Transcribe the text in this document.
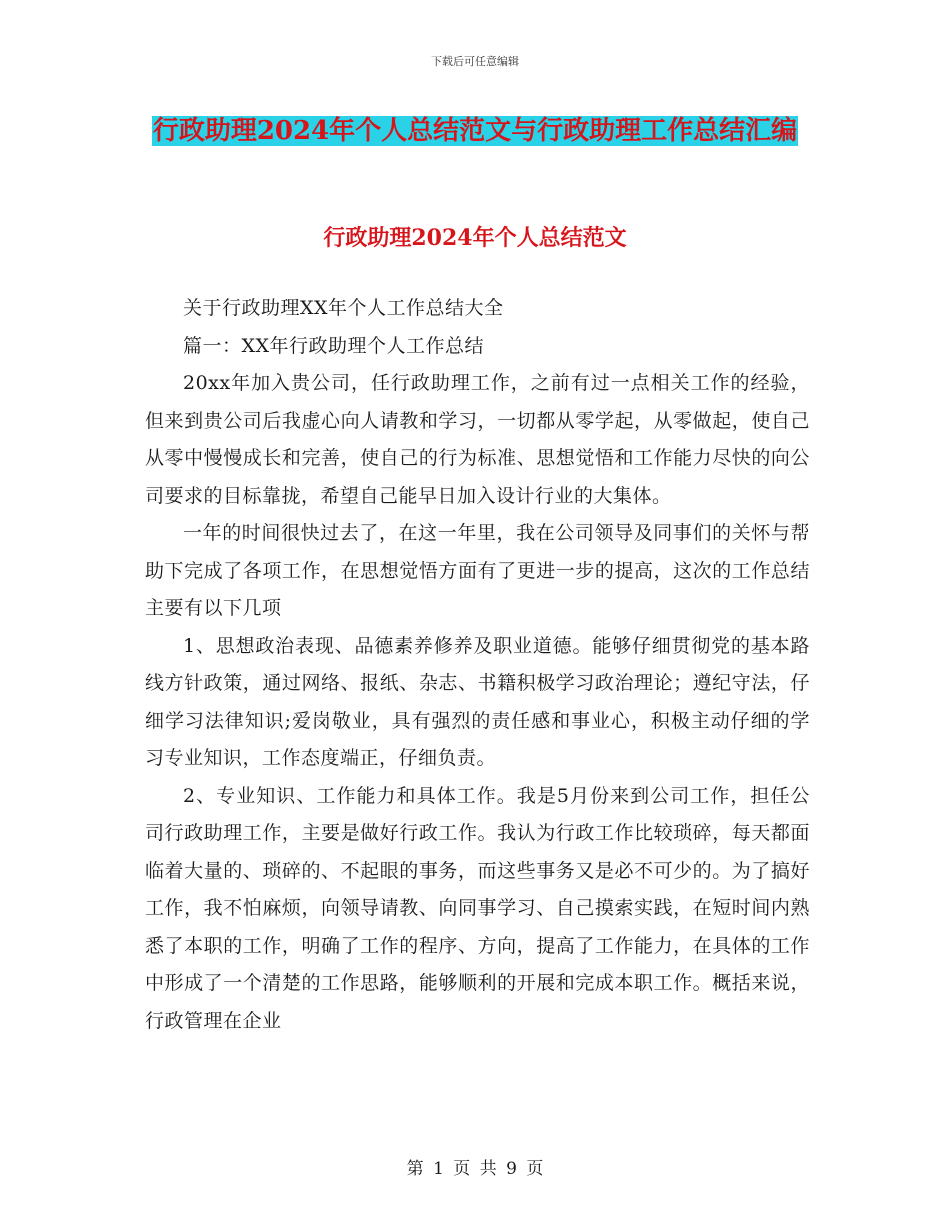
下载后可任意编辑
行政助理2024年个人总结范文与行政助理工作总结汇编
行政助理2024年个人总结范文

关于行政助理XX年个人工作总结大全

篇一：XX年行政助理个人工作总结

20xx年加入贵公司，任行政助理工作，之前有过一点相关工作的经验，但来到贵公司后我虚心向人请教和学习，一切都从零学起，从零做起，使自己从零中慢慢成长和完善，使自己的行为标准、思想觉悟和工作能力尽快的向公司要求的目标靠拢，希望自己能早日加入设计行业的大集体。

一年的时间很快过去了，在这一年里，我在公司领导及同事们的关怀与帮助下完成了各项工作，在思想觉悟方面有了更进一步的提高，这次的工作总结主要有以下几项

1、思想政治表现、品德素养修养及职业道德。能够仔细贯彻党的基本路线方针政策，通过网络、报纸、杂志、书籍积极学习政治理论；遵纪守法，仔细学习法律知识;爱岗敬业，具有强烈的责任感和事业心，积极主动仔细的学习专业知识，工作态度端正，仔细负责。

2、专业知识、工作能力和具体工作。我是5月份来到公司工作，担任公司行政助理工作，主要是做好行政工作。我认为行政工作比较琐碎，每天都面临着大量的、琐碎的、不起眼的事务，而这些事务又是必不可少的。为了搞好工作，我不怕麻烦，向领导请教、向同事学习、自己摸索实践，在短时间内熟悉了本职的工作，明确了工作的程序、方向，提高了工作能力，在具体的工作中形成了一个清楚的工作思路，能够顺利的开展和完成本职工作。概括来说，行政管理在企业

第 1 页 共 9 页
